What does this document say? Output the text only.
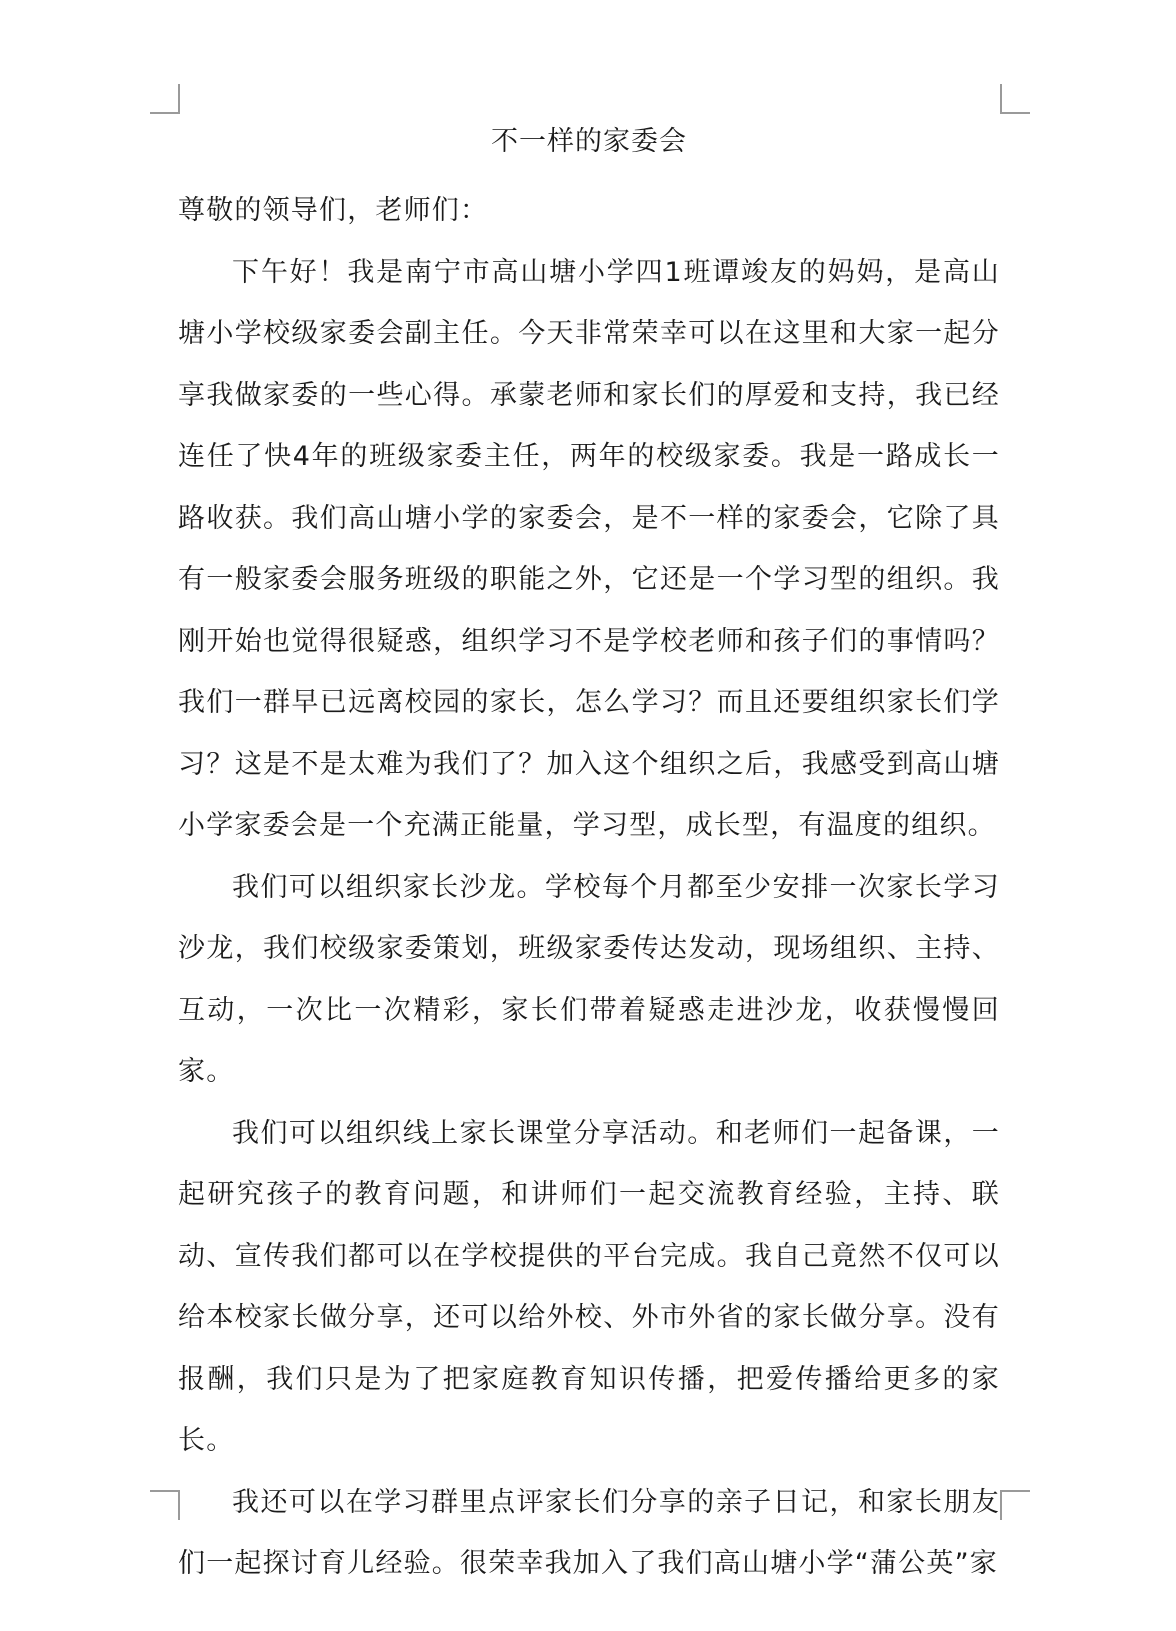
不一样的家委会

尊敬的领导们，老师们：

下午好！我是南宁市高山塘小学四1班谭竣友的妈妈，是高山塘小学校级家委会副主任。今天非常荣幸可以在这里和大家一起分享我做家委的一些心得。承蒙老师和家长们的厚爱和支持，我已经连任了快4年的班级家委主任，两年的校级家委。我是一路成长一路收获。我们高山塘小学的家委会，是不一样的家委会，它除了具有一般家委会服务班级的职能之外，它还是一个学习型的组织。我刚开始也觉得很疑惑，组织学习不是学校老师和孩子们的事情吗？我们一群早已远离校园的家长，怎么学习？而且还要组织家长们学习？这是不是太难为我们了？加入这个组织之后，我感受到高山塘小学家委会是一个充满正能量，学习型，成长型，有温度的组织。

我们可以组织家长沙龙。学校每个月都至少安排一次家长学习沙龙，我们校级家委策划，班级家委传达发动，现场组织、主持、互动，一次比一次精彩，家长们带着疑惑走进沙龙，收获慢慢回家。

我们可以组织线上家长课堂分享活动。和老师们一起备课，一起研究孩子的教育问题，和讲师们一起交流教育经验，主持、联动、宣传我们都可以在学校提供的平台完成。我自己竟然不仅可以给本校家长做分享，还可以给外校、外市外省的家长做分享。没有报酬，我们只是为了把家庭教育知识传播，把爱传播给更多的家长。

我还可以在学习群里点评家长们分享的亲子日记，和家长朋友们一起探讨育儿经验。很荣幸我加入了我们高山塘小学“蒲公英”家
